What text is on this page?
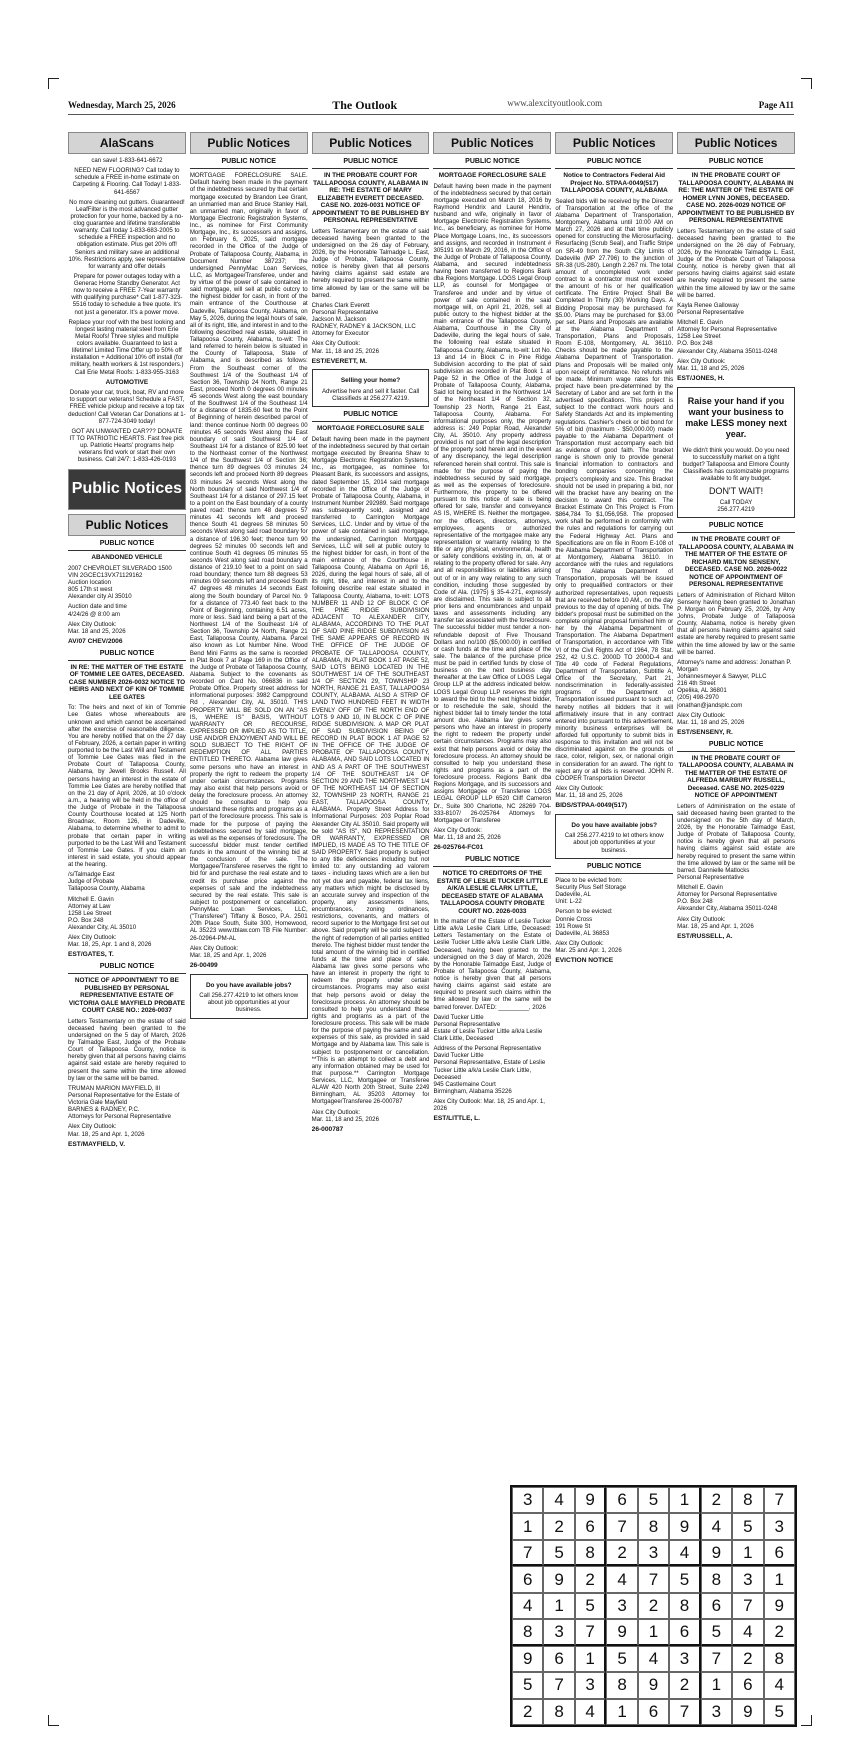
Wednesday, March 25, 2026	The Outlook	www.alexcityoutlook.com	Page A11
AlaScans

can save! 1-833-641-6672

NEED NEW FLOORING? Call today to schedule a FREE in-home estimate on Carpeting & Flooring. Call Today! 1-833-641-6567

No more cleaning out gutters. Guaranteed! LeafFilter is the most advanced gutter protection for your home, backed by a no-clog guarantee and lifetime transferable warranty. Call today 1-833-683-2005 to schedule a FREE inspection and no obligation estimate. Plus get 20% off! Seniors and military save an additional 10%. Restrictions apply, see representative for warranty and offer details

Prepare for power outages today with a Generac Home Standby Generator. Act now to receive a FREE 7-Year warranty with qualifying purchase* Call 1-877-323-5516 today to schedule a free quote. It's not just a generator. It's a power move.

Replace your roof with the best looking and longest lasting material steel from Erie Metal Roofs! Three styles and multiple colors available. Guaranteed to last a lifetime! Limited Time Offer up to 50% off installation + Additional 10% off install (for military, health workers & 1st responders.) Call Erie Metal Roofs: 1-833-955-3163

AUTOMOTIVE

Donate your car, truck, boat, RV and more to support our veterans! Schedule a FAST, FREE vehicle pickup and receive a top tax deduction! Call Veteran Car Donations at 1-877-724-3049 today!

GOT AN UNWANTED CAR??? DONATE IT TO PATRIOTIC HEARTS. Fast free pick up. Patriotic Hearts' programs help veterans find work or start their own business. Call 24/7: 1-833-426-0193

Public Notices
Public Notices
PUBLIC NOTICE
ABANDONED VEHICLE

2007 CHEVROLET SILVERADO 1500
VIN 2GCEC13VX71129162
Auction location
805 17th st west
Alexander city Al 35010

Auction date and time
4/24/26 @ 8:00 am

Alex City Outlook:
Mar. 18 and 25, 2026

AV/07 CHEV/2006
PUBLIC NOTICE
IN RE: THE MATTER OF THE ESTATE OF TOMMIE LEE GATES, DECEASED. CASE NUMBER 2026-0032 NOTICE TO HEIRS AND NEXT OF KIN OF TOMMIE LEE GATES

To: The heirs and next of kin of Tommie Lee Gates whose whereabouts are unknown and which cannot be ascertained after the exercise of reasonable diligence. You are hereby notified that on the 27 day of February, 2026, a certain paper in writing purported to be the Last Will and Testament of Tommie Lee Gates was filed in the Probate Court of Tallapoosa County, Alabama, by Jewell Brooks Russell. All persons having an interest in the estate of Tommie Lee Gates are hereby notified that on the 21 day of April, 2026, at 10 o'clock a.m., a hearing will be held in the office of the Judge of Probate in the Tallapoosa County Courthouse located at 125 North Broadnax, Room 126, in Dadeville, Alabama, to determine whether to admit to probate that certain paper in writing purported to be the Last Will and Testament of Tommie Lee Gates. If you claim an interest in said estate, you should appear at the hearing.

/s/Talmadge East
Judge of Probate
Tallapoosa County, Alabama

Mitchell E. Gavin
Attorney at Law
1258 Lee Street
P.O. Box 248
Alexander City, AL 35010

Alex City Outlook:
Mar. 18, 25, Apr. 1 and 8, 2026

EST/GATES, T.
PUBLIC NOTICE
NOTICE OF APPOINTMENT TO BE PUBLISHED BY PERSONAL REPRESENTATIVE ESTATE OF VICTORIA GALE MAYFIELD PROBATE COURT CASE NO.: 2026-0037

Letters Testamentary on the estate of said deceased having been granted to the undersigned on the 5 day of March, 2026 by Talmadge East, Judge of the Probate Court of Tallapoosa County, notice is hereby given that all persons having claims against said estate are hereby required to present the same within the time allowed by law or the same will be barred.

TRUMAN MARION MAYFIELD, III
Personal Representative for the Estate of Victoria Gale Mayfield
BARNES & RADNEY, P.C.
Attorneys for Personal Representative

Alex City Outlook:
Mar. 18, 25 and Apr. 1, 2026

EST/MAYFIELD, V.
Public Notices
PUBLIC NOTICE

MORTGAGE FORECLOSURE SALE. Default having been made in the payment of the indebtedness secured by that certain mortgage executed by Brandon Lee Grant, an unmarried man and Bruce Stanley Hall, an unmarried man, originally in favor of Mortgage Electronic Registration Systems, Inc., as nominee for First Community Mortgage, Inc., its successors and assigns, on February 6, 2025, said mortgage recorded in the Office of the Judge of Probate of Tallapoosa County, Alabama, in Document Number 387237; the undersigned PennyMac Loan Services, LLC, as Mortgagee/Transferee, under and by virtue of the power of sale contained in said mortgage, will sell at public outcry to the highest bidder for cash, in front of the main entrance of the Courthouse at Dadeville, Tallapoosa County, Alabama, on May 5, 2026, during the legal hours of sale, all of its right, title, and interest in and to the following described real estate, situated in Tallapoosa County, Alabama, to-wit: The land referred to herein below is situated in the County of Tallapoosa, State of Alabama, and is described as follows: From the Southeast corner of the Southwest 1/4 of the Southeast 1/4 of Section 36, Township 24 North, Range 21 East, proceed North 0 degrees 00 minutes 45 seconds West along the east boundary of the Southwest 1/4 of the Southeast 1/4 for a distance of 1835.60 feet to the Point of Beginning of herein described parcel of land: thence continue North 00 degrees 00 minutes 45 seconds West along the East boundary of said Southwest 1/4 of Southeast 1/4 for a distance of 825.90 feet to the Northeast corner of the Northwest 1/4 of the Southwest 1/4 of Section 36; thence turn 89 degrees 03 minutes 24 seconds left and proceed North 89 degrees 03 minutes 24 seconds West along the North boundary of said Northwest 1/4 of Southeast 1/4 for a distance of 297.15 feet to a point on the East boundary of a county paved road: thence turn 48 degrees 57 minutes 41 seconds left and proceed thence South 41 degrees 58 minutes 50 seconds West along said road boundary for a distance of 196.30 feet; thence turn 90 degrees 52 minutes 00 seconds left and continue South 41 degrees 05 minutes 55 seconds West along said road boundary a distance of 219.10 feet to a point on said road boundary; thence turn 88 degrees 53 minutes 09 seconds left and proceed South 47 degrees 48 minutes 14 seconds East along the South boundary of Parcel No. 9 for a distance of 773.40 feet back to the Point of Beginning, containing 6.51 acres, more or less. Said land being a part of the Northwest 1/4 of the Southeast 1/4 of Section 36, Township 24 North, Range 21 East, Tallapoosa County, Alabama. Parcel also known as Lot Number Nine. Wood Bend Mini Farms as the same is recorded in Plat Book 7 at Page 169 in the Office of the Judge of Probate of Tallapoosa County, Alabama. Subject to the covenants as recorded on Card No. 066836 in said Probate Office. Property street address for informational purposes: 3982 Campground Rd , Alexander City, AL 35010. THIS PROPERTY WILL BE SOLD ON AN "AS IS, WHERE IS" BASIS, WITHOUT WARRANTY OR RECOURSE, EXPRESSED OR IMPLIED AS TO TITLE, USE AND/OR ENJOYMENT AND WILL BE SOLD SUBJECT TO THE RIGHT OF REDEMPTION OF ALL PARTIES ENTITLED THERETO. Alabama law gives some persons who have an interest in property the right to redeem the property under certain circumstances. Programs may also exist that help persons avoid or delay the foreclosure process. An attorney should be consulted to help you understand these rights and programs as a part of the foreclosure process. This sale is made for the purpose of paying the indebtedness secured by said mortgage, as well as the expenses of foreclosure. The successful bidder must tender certified funds in the amount of the winning bid at the conclusion of the sale. The Mortgagee/Transferee reserves the right to bid for and purchase the real estate and to credit its purchase price against the expenses of sale and the indebtedness secured by the real estate. This sale is subject to postponement or cancellation. PennyMac Loan Services, LLC, ("Transferee") Tiffany & Bosco, P.A. 2501 20th Place South, Suite 300, Homewood, AL 35223 www.tblaw.com TB File Number: 26-02964-PM-AL

Alex City Outlook:
Mar. 18, 25 and Apr. 1, 2026

26-00499
Do you have available jobs?
Call 256.277.4219 to let others know about job opportunities at your business.
Public Notices
PUBLIC NOTICE
IN THE PROBATE COURT FOR TALLAPOOSA COUNTY, ALABAMA IN RE: THE ESTATE OF MARY ELIZABETH EVERETT DECEASED. CASE NO. 2026-0031 NOTICE OF APPOINTMENT TO BE PUBLISHED BY PERSONAL REPRESENTATIVE

Letters Testamentary on the estate of said deceased having been granted to the undersigned on the 26 day of February, 2026, by the Honorable Talmadge L. East, Judge of Probate, Tallapoosa County, notice is hereby given that all persons having claims against said estate are hereby required to present the same within time allowed by law or the same will be barred.

Charles Clark Everett
Personal Representative
Jackson M. Jackson
RADNEY, RADNEY & JACKSON, LLC
Attorney for Executor

Alex City Outlook:
Mar. 11, 18 and 25, 2026

EST/EVERETT, M.
Selling your home?
Advertise here and sell it faster. Call Classifieds at 256.277.4219.
PUBLIC NOTICE
MORTGAGE FORECLOSURE SALE

Default having been made in the payment of the indebtedness secured by that certain mortgage executed by Breanna Shaw to Mortgage Electronic Registration Systems, Inc., as mortgagee, as nominee for Pleasant Bank, its successors and assigns, dated September 15, 2014 said mortgage recorded in the Office of the Judge of Probate of Tallapoosa County, Alabama, in Instrument Number 292989. Said mortgage was subsequently sold, assigned and transferred to Carrington Mortgage Services, LLC. Under and by virtue of the power of sale contained in said mortgage, the undersigned, Carrington Mortgage Services, LLC will sell at public outcry to the highest bidder for cash, in front of the main entrance of the Courthouse in Tallapoosa County, Alabama on April 16, 2026, during the legal hours of sale, all of its right, title, and interest in and to the following describe real estate situated in Tallapoosa County, Alabama, to-wit: LOTS NUMBER 11 AND 12 OF BLOCK C OF THE PINE RIDGE SUBDIVISION ADJACENT TO ALEXANDER CITY, ALABAMA, ACCORDING TO THE PLAT OF SAID PINE RIDGE SUBDIVISION AS THE SAME APPEARS OF RECORD IN THE OFFICE OF THE JUDGE OF PROBATE OF TALLAPOOSA COUNTY, ALABAMA, IN PLAT BOOK 1 AT PAGE 52, SAID LOTS BEING LOCATED IN THE SOUTHWEST 1/4 OF THE SOUTHEAST 1/4 OF SECTION 29, TOWNSHIP 23 NORTH, RANGE 21 EAST, TALLAPOOSA COUNTY, ALABAMA. ALSO A STRIP OF LAND TWO HUNDRED FEET IN WIDTH EVENLY OFF OF THE NORTH END OF LOTS 9 AND 10, IN BLOCK C OF PINE RIDGE SUBDIVISION. A MAP OR PLAT OF SAID SUBDIVISION BEING OF RECORD IN PLAT BOOK 1 AT PAGE 52 IN THE OFFICE OF THE JUDGE OF PROBATE OF TALLAPOOSA COUNTY, ALABAMA, AND SAID LOTS LOCATED IN AND AS A PART OF THE SOUTHWEST 1/4 OF THE SOUTHEAST 1/4 OF SECTION 29 AND THE NORTHWEST 1/4 OF THE NORTHEAST 1/4 OF SECTION 32, TOWNSHIP 23 NORTH, RANGE 21 EAST, TALLAPOOSA COUNTY, ALABAMA. Property Street Address for Informational Purposes: 203 Poplar Road Alexander City AL 35010. Said property will be sold "AS IS", NO REPRESENTATION OR WARRANTY, EXPRESSED OR IMPLIED, IS MADE AS TO THE TITLE OF SAID PROPERTY. Said property is subject to any title deficiencies including but not limited to: any outstanding ad valorem taxes - including taxes which are a lien but not yet due and payable, federal tax liens, any matters which might be disclosed by an accurate survey and inspection of the property, any assessments liens, encumbrances, zoning ordinances, restrictions, covenants, and matters of record superior to the Mortgage first set out above. Said property will be sold subject to the right of redemption of all parties entitled thereto. The highest bidder must tender the total amount of the winning bid in certified funds at the time and place of sale. Alabama law gives some persons who have an interest in property the right to redeem the property under certain circumstances. Programs may also exist that help persons avoid or delay the foreclosure process. An attorney should be consulted to help you understand these rights and programs as a part of the foreclosure process. This sale will be made for the purpose of paying the same and all expenses of this sale, as provided in said Mortgage and by Alabama law. This sale is subject to postponement or cancellation. **This is an attempt to collect a debt and any information obtained may be used for that purpose.** Carrington Mortgage Services, LLC, Mortgagee or Transferee ALAW 420 North 20th Street, Suite 2249 Birmingham, AL 35203 Attorney for Mortgagee/Transferee 26-000787

Alex City Outlook:
Mar. 11, 18 and 25, 2026

26-000787
Public Notices
PUBLIC NOTICE
MORTGAGE FORECLOSURE SALE

Default having been made in the payment of the indebtedness secured by that certain mortgage executed on March 18, 2016 by Raymond Hendrix and Laurel Hendrix, husband and wife, originally in favor of Mortgage Electronic Registration Systems, Inc., as beneficiary, as nominee for Home Place Mortgage Loans, Inc., its successors and assigns, and recorded in Instrument # 305191 on March 29, 2016, in the Office of the Judge of Probate of Tallapoosa County, Alabama, and secured indebtedness having been transferred to Regions Bank dba Regions Mortgage. LOGS Legal Group LLP, as counsel for Mortgagee or Transferee and under and by virtue of power of sale contained in the said mortgage will, on April 21, 2026, sell at public outcry to the highest bidder at the main entrance of the Tallapoosa County, Alabama, Courthouse in the City of Dadeville, during the legal hours of sale, the following real estate situated in Tallapoosa County, Alabama, to-wit: Lot No. 13 and 14 in Block C in Pine Ridge Subdivision according to the plat of said subdivision as recorded in Plat Book 1 at Page 52 in the Office of the Judge of Probate of Tallapoosa County, Alabama, Said lot being located in the Northwest 1/4 of the Northeast 1/4 of Section 32, Township 23 North, Range 21 East, Tallapoosa County, Alabama. For informational purposes only, the property address is: 249 Poplar Road, Alexander City, AL 35010. Any property address provided is not part of the legal description of the property sold herein and in the event of any discrepancy, the legal description referenced herein shall control. This sale is made for the purpose of paying the indebtedness secured by said mortgage, as well as the expenses of foreclosure. Furthermore, the property to be offered pursuant to this notice of sale is being offered for sale, transfer and conveyance AS IS, WHERE IS. Neither the mortgagee, nor the officers, directors, attorneys, employees, agents or authorized representative of the mortgagee make any representation or warranty relating to the title or any physical, environmental, health or safety conditions existing in, on, at or relating to the property offered for sale. Any and all responsibilities or liabilities arising out of or in any way relating to any such condition, including those suggested by Code of Ala. (1975) § 35-4-271, expressly are disclaimed. This sale is subject to all prior liens and encumbrances and unpaid taxes and assessments including any transfer tax associated with the foreclosure. The successful bidder must tender a non-refundable deposit of Five Thousand Dollars and no/100 ($5,000.00) in certified or cash funds at the time and place of the sale. The balance of the purchase price must be paid in certified funds by close of business on the next business day thereafter at the Law Office of LOGS Legal Group LLP at the address indicated below. LOGS Legal Group LLP reserves the right to award the bid to the next highest bidder, or to reschedule the sale, should the highest bidder fail to timely tender the total amount due. Alabama law gives some persons who have an interest in property the right to redeem the property under certain circumstances. Programs may also exist that help persons avoid or delay the foreclosure process. An attorney should be consulted to help you understand these rights and programs as a part of the foreclosure process. Regions Bank dba Regions Mortgage, and its successors and assigns Mortgagee or Transferee LOGS LEGAL GROUP LLP 6520 Cliff Cameron Dr., Suite 300 Charlotte, NC 28269 704-333-8107/ 26-025764 Attorneys for Mortgagee or Transferee

Alex City Outlook:
Mar. 11, 18 and 25, 2026

26-025764-FC01
PUBLIC NOTICE
NOTICE TO CREDITORS OF THE ESTATE OF LESLIE TUCKER LITTLE A/K/A LESLIE CLARK LITTLE, DECEASED STATE OF ALABAMA TALLAPOOSA COUNTY PROBATE COURT NO. 2026-0033

In the matter of the Estate of Leslie Tucker Little a/k/a Leslie Clark Little, Deceased: Letters Testamentary on the Estate of Leslie Tucker Little a/k/a Leslie Clark Little, Deceased, having been granted to the undersigned on the 3 day of March, 2026 by the Honorable Talmadge East, Judge of Probate of Tallapoosa County, Alabama, notice is hereby given that all persons having claims against said estate are required to present such claims within the time allowed by law or the same will be barred forever. DATED: _________, 2026

David Tucker Little
Personal Representative
Estate of Leslie Tucker Little a/k/a Leslie Clark Little, Deceased

Address of the Personal Representative
David Tucker Little
Personal Representative, Estate of Leslie Tucker Little a/k/a Leslie Clark Little, Deceased
945 Castlemaine Court
Birmingham, Alabama 35226

Alex City Outlook: Mar. 18, 25 and Apr. 1, 2026

EST/LITTLE, L.
Public Notices
PUBLIC NOTICE
Notice to Contractors Federal Aid Project No. STPAA-0049(517) TALLAPOOSA COUNTY, ALABAMA

Sealed bids will be received by the Director of Transportation at the office of the Alabama Department of Transportation, Montgomery, Alabama until 10:00 AM on March 27, 2026 and at that time publicly opened for constructing the Microsurfacing, Resurfacing (Scrub Seal), and Traffic Stripe on SR-49 from the South City Limits of Dadeville (MP 27.796) to the junction of SR-38 (US-280). Length 2.267 mi. The total amount of uncompleted work under contract to a contractor must not exceed the amount of his or her qualification certificate. The Entire Project Shall Be Completed In Thirty (30) Working Days. A Bidding Proposal may be purchased for $5.00. Plans may be purchased for $3.00 per set. Plans and Proposals are available at the Alabama Department of Transportation, Plans and Proposals, Room E-108, Montgomery, AL 36110. Checks should be made payable to the Alabama Department of Transportation. Plans and Proposals will be mailed only upon receipt of remittance. No refunds will be made. Minimum wage rates for this project have been pre-determined by the Secretary of Labor and are set forth in the advertised specifications. This project is subject to the contract work hours and Safety Standards Act and its implementing regulations. Cashier's check or bid bond for 5% of bid (maximum - $50,000.00) made payable to the Alabama Department of Transportation must accompany each bid as evidence of good faith. The bracket range is shown only to provide general financial information to contractors and bonding companies concerning the project's complexity and size. This Bracket should not be used in preparing a bid, nor will the bracket have any bearing on the decision to award this contract. The Bracket Estimate On This Project Is From $864,784 To $1,056,958. The proposed work shall be performed in conformity with the rules and regulations for carrying out the Federal Highway Act. Plans and Specifications are on file in Room E-108 of the Alabama Department of Transportation at Montgomery, Alabama 36110. In accordance with the rules and regulations of The Alabama Department of Transportation, proposals will be issued only to prequalified contractors or their authorized representatives, upon requests that are received before 10 AM., on the day previous to the day of opening of bids. The bidder's proposal must be submitted on the complete original proposal furnished him or her by the Alabama Department of Transportation. The Alabama Department of Transportation, in accordance with Title VI of the Civil Rights Act of 1964, 78 Stat. 252, 42 U.S.C. 2000D TO 2000D-4 and Title 49 code of Federal Regulations, Department of Transportation, Subtitle A, Office of the Secretary, Part 21, nondiscrimination in federally-assisted programs of the Department of Transportation issued pursuant to such act, hereby notifies all bidders that it will affirmatively insure that in any contract entered into pursuant to this advertisement, minority business enterprises will be afforded full opportunity to submit bids in response to this invitation and will not be discriminated against on the grounds of race, color, religion, sex, or national origin in consideration for an award. The right to reject any or all bids is reserved. JOHN R. COOPER Transportation Director

Alex City Outlook:
Mar. 11, 18 and 25, 2026

BIDS/STPAA-0049(517)
Do you have available jobs?
Call 256.277.4219 to let others know about job opportunities at your business.
PUBLIC NOTICE

Place to be evicted from:
Security Plus Self Storage
Dadeville, AL
Unit: L-22

Person to be evicted:
Donnie Cross
191 Rowe St
Dadeville, AL 36853

Alex City Outlook:
Mar. 25 and Apr. 1, 2026

EVICTION NOTICE
Public Notices
PUBLIC NOTICE
IN THE PROBATE COURT OF TALLAPOOSA COUNTY, ALABAMA IN RE: THE MATTER OF THE ESTATE OF HOMER LYNN JONES, DECEASED. CASE NO. 2026-0029 NOTICE OF APPOINTMENT TO BE PUBLISHED BY PERSONAL REPRESENTATIVE

Letters Testamentary on the estate of said deceased having been granted to the undersigned on the 26 day of February, 2026, by the Honorable Talmadge L. East, Judge of the Probate Court of Tallapoosa County, notice is hereby given that all persons having claims against said estate are hereby required to present the same within the time allowed by law or the same will be barred.

Kayla Renee Galloway
Personal Representative

Mitchell E. Gavin
Attorney for Personal Representative
1258 Lee Street
P.O. Box 248
Alexander City, Alabama 35011-0248

Alex City Outlook:
Mar. 11, 18 and 25, 2026

EST/JONES, H.
Raise your hand if you want your business to make LESS money next year.
We didn't think you would. Do you need to successfully market on a tight budget? Tallapoosa and Elmore County Classifieds has customizable programs available to fit any budget.
DON'T WAIT!
Call TODAY
256.277.4219
PUBLIC NOTICE
IN THE PROBATE COURT OF TALLAPOOSA COUNTY, ALABAMA IN THE MATTER OF THE ESTATE OF RICHARD MILTON SENSENY, DECEASED. CASE NO. 2026-0022 NOTICE OF APPOINTMENT OF PERSONAL REPRESENTATIVE

Letters of Administration of Richard Milton Senseny having been granted to Jonathan P. Morgan on February 25, 2026, by Amy Johns, Probate Judge of Tallapoosa County, Alabama, notice is hereby given that all persons having claims against said estate are hereby required to present same within the time allowed by law or the same will be barred.

Attorney's name and address: Jonathan P. Morgan
Johannesmeyer & Sawyer, PLLC
216 4th Street
Opelika, AL 36801
(205) 498-2970
jonathan@jandsplc.com

Alex City Outlook:
Mar. 11, 18 and 25, 2026

EST/SENSENY, R.
PUBLIC NOTICE
IN THE PROBATE COURT OF TALLAPOOSA COUNTY, ALABAMA IN THE MATTER OF THE ESTATE OF ALFREDA MARBURY RUSSELL, Deceased. CASE NO. 2025-0229 NOTICE OF APPOINTMENT

Letters of Administration on the estate of said deceased having been granted to the undersigned on the 5th day of March, 2026, by the Honorable Talmadge East, Judge of Probate of Tallapoosa County, notice is hereby given that all persons having claims against said estate are hereby required to present the same within the time allowed by law or the same will be barred. Dannielle Matlocks
Personal Representative

Mitchell E. Gavin
Attorney for Personal Representative
P.O. Box 248
Alexander City, Alabama 35011-0248

Alex City Outlook:
Mar. 18, 25 and Apr. 1, 2026

EST/RUSSELL, A.
3	4	9	6	5	1	2	8	7
1	2	6	7	8	9	4	5	3
7	5	8	2	3	4	9	1	6
6	9	2	4	7	5	8	3	1
4	1	5	3	2	8	6	7	9
8	3	7	9	1	6	5	4	2
9	6	1	5	4	3	7	2	8
5	7	3	8	9	2	1	6	4
2	8	4	1	6	7	3	9	5
